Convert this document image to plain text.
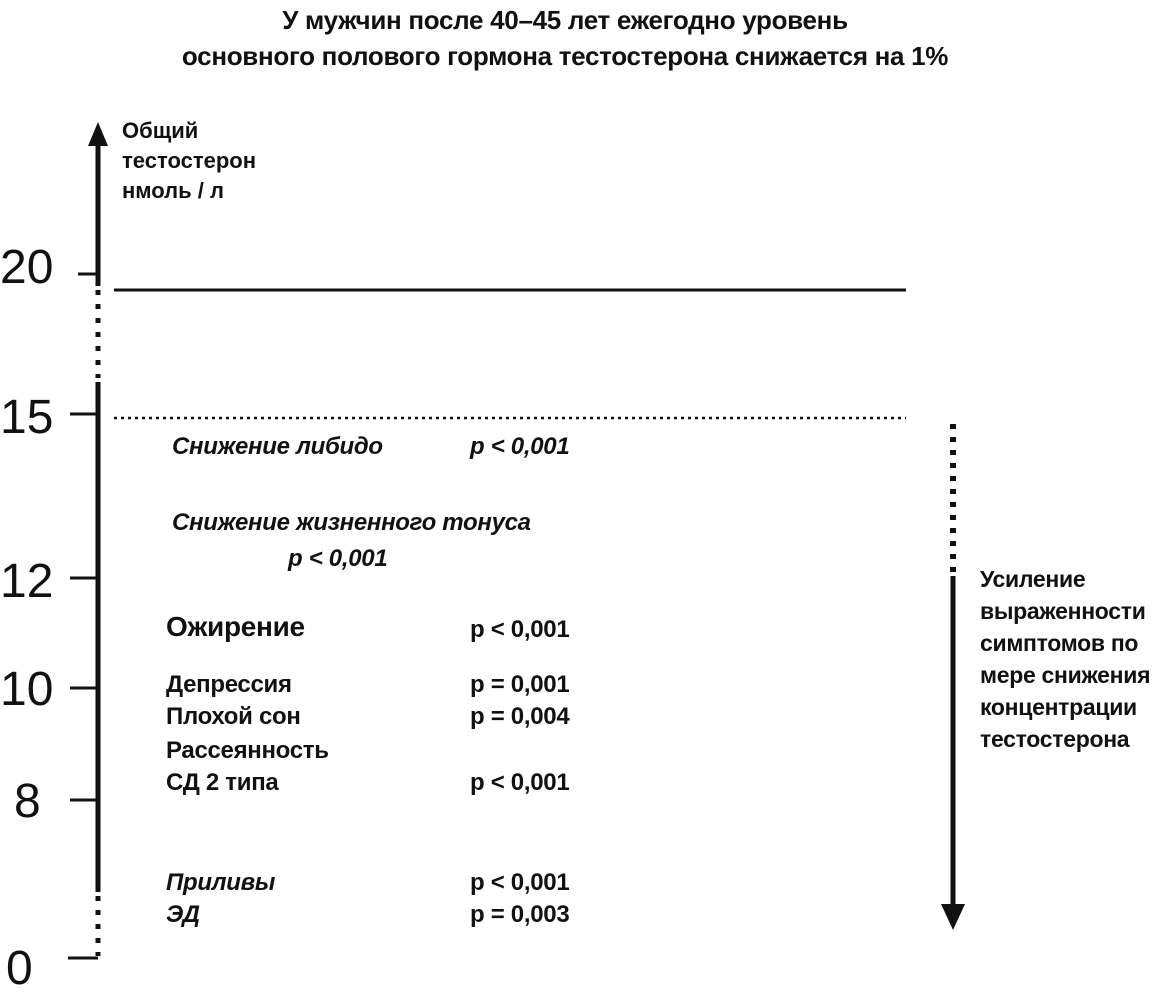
У мужчин после 40–45 лет ежегодно уровень
основного полового гормона тестостерона снижается на 1%
Общий
тестостерон
нмоль / л
20
15
12
10
8
0
Снижение либидо	p < 0,001
Снижение жизненного тонуса
p < 0,001
Ожирение	p < 0,001
Депрессия	p = 0,001
Плохой сон	p = 0,004
Рассеянность
СД 2 типа	p < 0,001
Приливы	p < 0,001
ЭД	p = 0,003
Усиление
выраженности
симптомов по
мере снижения
концентрации
тестостерона
